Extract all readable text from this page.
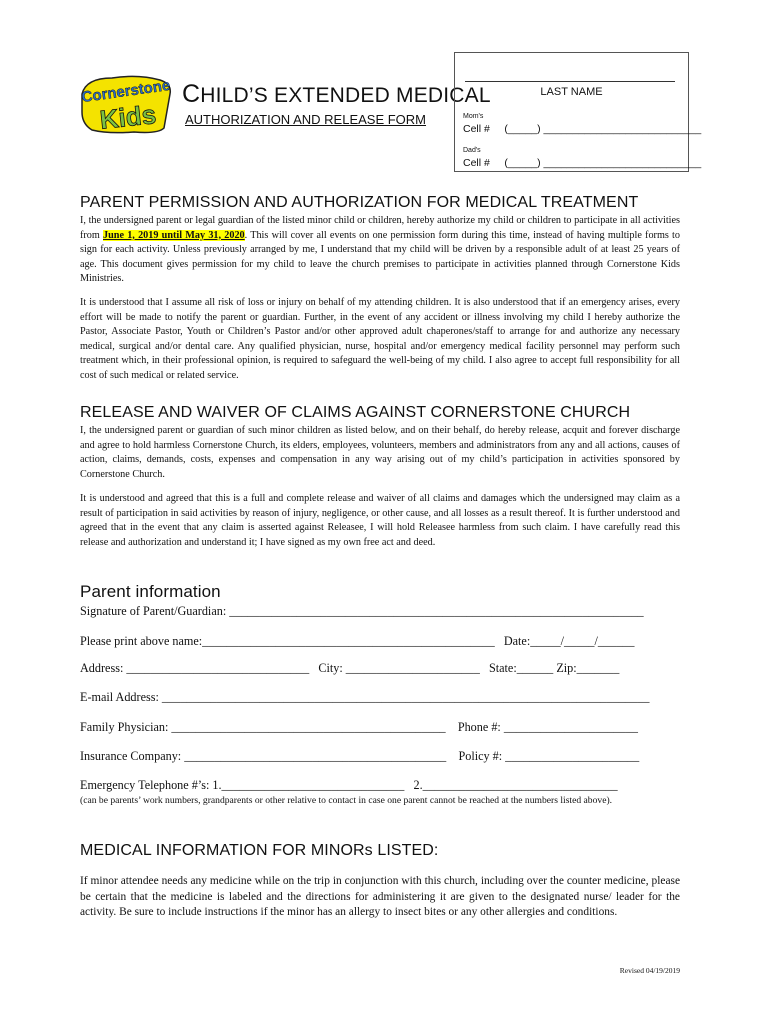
Cornerstone
Kids
CHILD’S EXTENDED MEDICAL
AUTHORIZATION AND RELEASE FORM
LAST NAME
Mom's
Cell #     (_____) ___________________________
Dad's
Cell #     (_____) ___________________________
PARENT PERMISSION AND AUTHORIZATION FOR MEDICAL TREATMENT

I, the undersigned parent or legal guardian of the listed minor child or children, hereby authorize my child or children to participate in all activities from June 1, 2019 until May 31, 2020. This will cover all events on one permission form during this time, instead of having multiple forms to sign for each activity. Unless previously arranged by me, I understand that my child will be driven by a responsible adult of at least 25 years of age. This document gives permission for my child to leave the church premises to participate in activities planned through Cornerstone Kids Ministries.

It is understood that I assume all risk of loss or injury on behalf of my attending children. It is also understood that if an emergency arises, every effort will be made to notify the parent or guardian. Further, in the event of any accident or illness involving my child I hereby authorize the Pastor, Associate Pastor, Youth or Children’s Pastor and/or other approved adult chaperones/staff to arrange for and authorize any necessary medical, surgical and/or dental care. Any qualified physician, nurse, hospital and/or emergency medical facility personnel may perform such treatment which, in their professional opinion, is required to safeguard the well-being of my child. I also agree to accept full responsibility for all cost of such medical or related service.

RELEASE AND WAIVER OF CLAIMS AGAINST CORNERSTONE CHURCH

I, the undersigned parent or guardian of such minor children as listed below, and on their behalf, do hereby release, acquit and forever discharge and agree to hold harmless Cornerstone Church, its elders, employees, volunteers, members and administrators from any and all actions, causes of action, claims, demands, costs, expenses and compensation in any way arising out of my child’s participation in activities sponsored by Cornerstone Church.

It is understood and agreed that this is a full and complete release and waiver of all claims and damages which the undersigned may claim as a result of participation in said activities by reason of injury, negligence, or other cause, and all losses as a result thereof. It is further understood and agreed that in the event that any claim is asserted against Releasee, I will hold Releasee harmless from such claim. I have carefully read this release and authorization and understand it; I have signed as my own free act and deed.

Parent information
Signature of Parent/Guardian: ____________________________________________________________________
Please print above name:________________________________________________   Date:_____/_____/______
Address: ______________________________   City: ______________________   State:______ Zip:_______
E-mail Address: ________________________________________________________________________________
Family Physician: _____________________________________________    Phone #: ______________________
Insurance Company: ___________________________________________    Policy #: ______________________
Emergency Telephone #’s: 1.______________________________   2.________________________________
(can be parents’ work numbers, grandparents or other relative to contact in case one parent cannot be reached at the numbers listed above).
MEDICAL INFORMATION FOR MINORs LISTED:

If minor attendee needs any medicine while on the trip in conjunction with this church, including over the counter medicine, please be certain that the medicine is labeled and the directions for administering it are given to the designated nurse/ leader for the activity. Be sure to include instructions if the minor has an allergy to insect bites or any other allergies and conditions.

Revised 04/19/2019
